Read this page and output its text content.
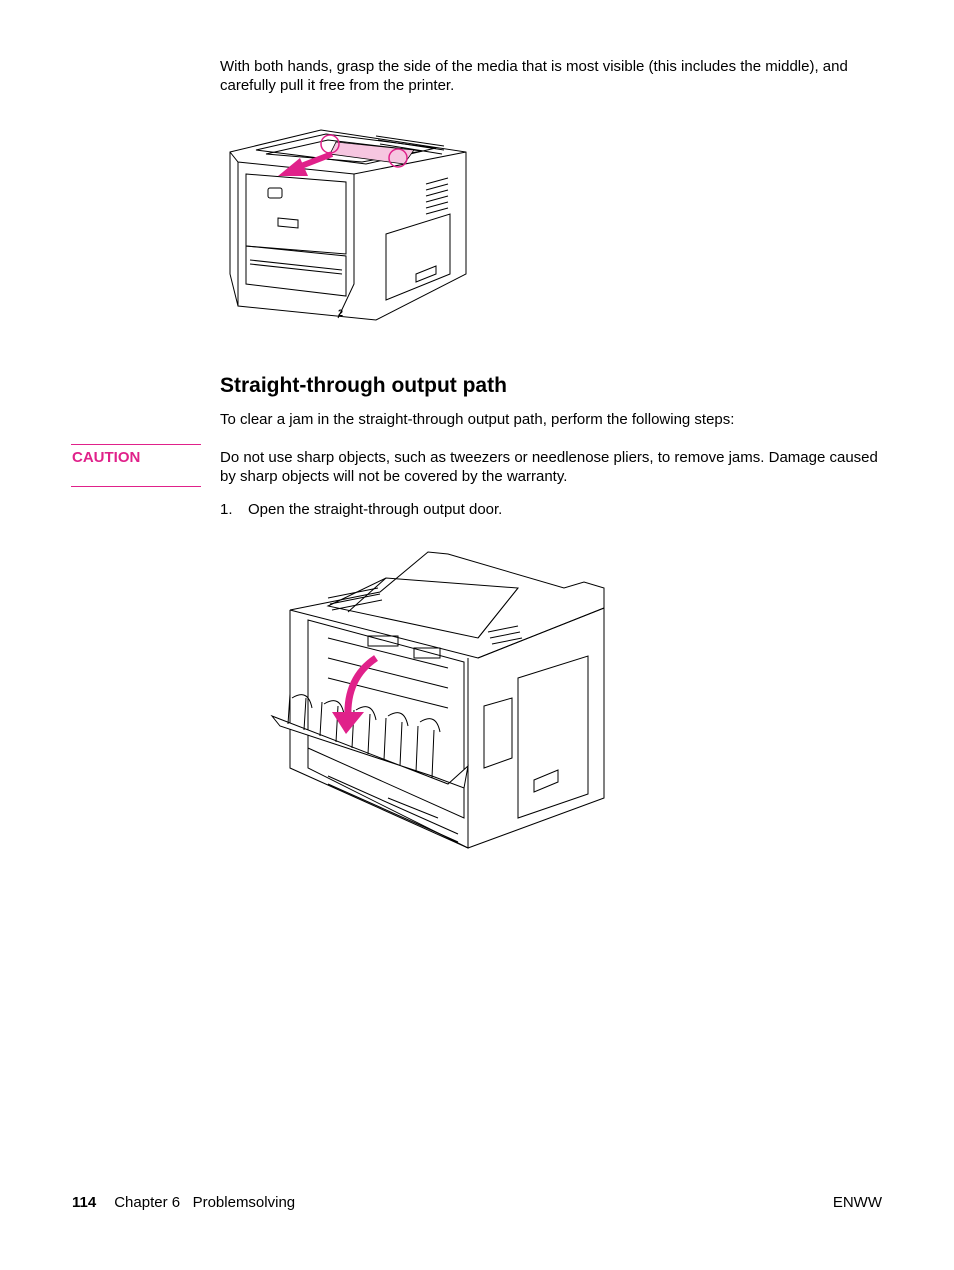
With both hands, grasp the side of the media that is most visible (this includes the middle), and carefully pull it free from the printer.
2
Straight-through output path
To clear a jam in the straight-through output path, perform the following steps:
CAUTION	Do not use sharp objects, such as tweezers or needlenose pliers, to remove jams. Damage caused by sharp objects will not be covered by the warranty.
1. Open the straight-through output door.
114 Chapter 6   Problemsolving	ENWW
